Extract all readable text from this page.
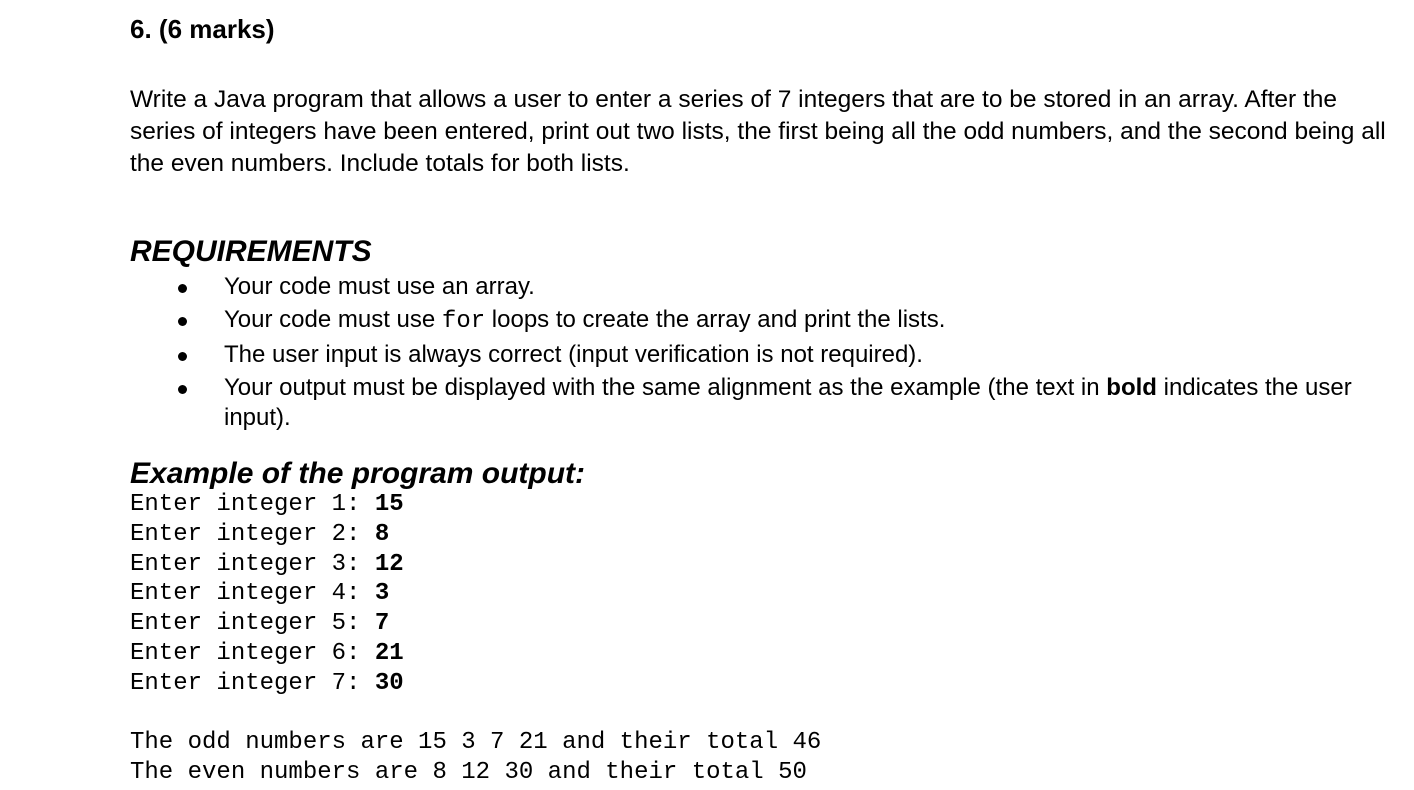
6. (6 marks)

Write a Java program that allows a user to enter a series of 7 integers that are to be stored in an array. After the series of integers have been entered, print out two lists, the first being all the odd numbers, and the second being all the even numbers. Include totals for both lists.

REQUIREMENTS
Your code must use an array.
Your code must use for loops to create the array and print the lists.
The user input is always correct (input verification is not required).
Your output must be displayed with the same alignment as the example (the text in bold indicates the user input).
Example of the program output:
Enter integer 1: 15
Enter integer 2: 8
Enter integer 3: 12
Enter integer 4: 3
Enter integer 5: 7
Enter integer 6: 21
Enter integer 7: 30
The odd numbers are 15 3 7 21 and their total 46
The even numbers are 8 12 30 and their total 50
